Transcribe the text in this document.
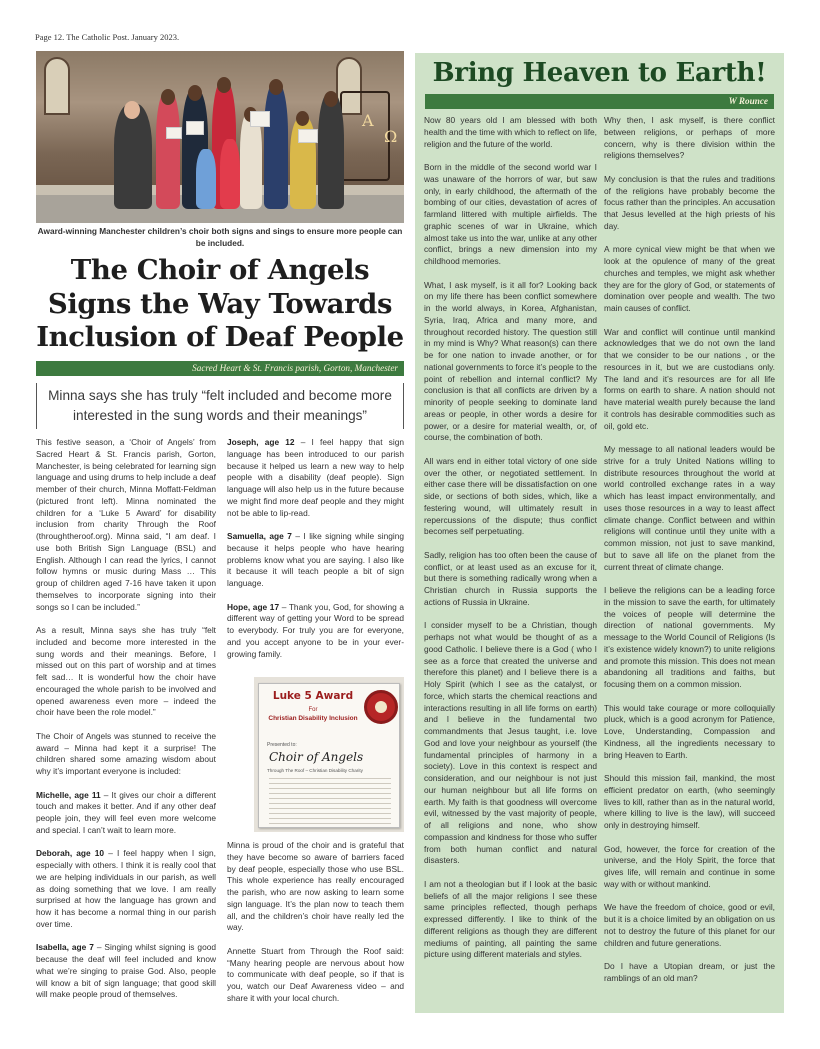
Page 12. The Catholic Post. January 2023.
A
Ω
Award-winning Manchester children’s choir both signs and sings to ensure more people can be included.
The Choir of Angels Signs the Way Towards Inclusion of Deaf People
Sacred Heart & St. Francis parish, Gorton, Manchester
Minna says she has truly “felt included and become more interested in the sung words and their meanings”

This festive season, a ‘Choir of Angels’ from Sacred Heart & St. Francis parish, Gorton, Manchester, is being celebrated for learning sign language and using drums to help include a deaf member of their church, Minna Moffatt-Feldman (pictured front left). Minna nominated the children for a ‘Luke 5 Award’ for disability inclusion from charity Through the Roof (throughtheroof.org). Minna said, “I am deaf. I use both British Sign Language (BSL) and English. Although I can read the lyrics, I cannot follow hymns or music during Mass … This group of children aged 7-16 have taken it upon themselves to incorporate signing into their songs so I can be included.”

As a result, Minna says she has truly “felt included and become more interested in the sung words and their meanings. Before, I missed out on this part of worship and at times felt sad… It is wonderful how the choir have encouraged the whole parish to be involved and opened awareness even more – indeed the choir have been the role model.”

The Choir of Angels was stunned to receive the award – Minna had kept it a surprise! The children shared some amazing wisdom about why it’s important everyone is included:

Michelle, age 11 – It gives our choir a different touch and makes it better. And if any other deaf people join, they will feel even more welcome and special. I can’t wait to learn more.

Deborah, age 10 – I feel happy when I sign, especially with others. I think it is really cool that we are helping individuals in our parish, as well as doing something that we love. I am really surprised at how the language has grown and how it has become a normal thing in our parish over time.

Isabella, age 7 – Singing whilst signing is good because the deaf will feel included and know what we’re singing to praise God. Also, people will know a bit of sign language; that good skill will make people proud of themselves.

Joseph, age 12 – I feel happy that sign language has been introduced to our parish because it helped us learn a new way to help people with a disability (deaf people). Sign language will also help us in the future because we might find more deaf people and they might not be able to lip-read.

Samuella, age 7 – I like signing while singing because it helps people who have hearing problems know what you are saying. I also like it because it will teach people a bit of sign language.

Hope, age 17 – Thank you, God, for showing a different way of getting your Word to be spread to everybody. For truly you are for everyone, and you accept anyone to be in your ever-growing family.

Luke 5 Award
For
Christian Disability Inclusion
Presented to:
Choir of Angels
Through The Roof – Christian Disability Charity

Minna is proud of the choir and is grateful that they have become so aware of barriers faced by deaf people, especially those who use BSL. This whole experience has really encouraged the parish, who are now asking to learn some sign language. It’s the plan now to teach them all, and the children’s choir have really led the way.

Annette Stuart from Through the Roof said: “Many hearing people are nervous about how to communicate with deaf people, so if that is you, watch our Deaf Awareness video – and share it with your local church.

Bring Heaven to Earth!
W Rounce

Now 80 years old I am blessed with both health and the time with which to reflect on life, religion and the future of the world.

Born in the middle of the second world war I was unaware of the horrors of war, but saw only, in early childhood, the aftermath of the bombing of our cities, devastation of acres of farmland littered with multiple airfields. The graphic scenes of war in Ukraine, which almost take us into the war, unlike at any other conflict, brings a new dimension into my childhood memories.

What, I ask myself, is it all for? Looking back on my life there has been conflict somewhere in the world always, in Korea, Afghanistan, Syria, Iraq, Africa and many more, and throughout recorded history. The question still in my mind is Why? What reason(s) can there be for one nation to invade another, or for national governments to force it’s people to the point of rebellion and internal conflict? My conclusion is that all conflicts are driven by a minority of people seeking to dominate land areas or people, in other words a desire for power, or a desire for material wealth, or, of course, the combination of both.

All wars end in either total victory of one side over the other, or negotiated settlement. In either case there will be dissatisfaction on one side, or sections of both sides, which, like a festering wound, will ultimately result in repercussions of the dispute; thus conflict becomes self perpetuating.

Sadly, religion has too often been the cause of conflict, or at least used as an excuse for it, but there is something radically wrong when a Christian church in Russia supports the actions of Russia in Ukraine.

I consider myself to be a Christian, though perhaps not what would be thought of as a good Catholic. I believe there is a God ( who I see as a force that created the universe and therefore this planet) and I believe there is a Holy Spirit (which I see as the catalyst, or force, which starts the chemical reactions and interactions resulting in all life forms on earth) and I believe in the fundamental two commandments that Jesus taught, i.e. love God and love your neighbour as yourself (the fundamental principles of harmony in a society). Love in this context is respect and consideration, and our neighbour is not just our human neighbour but all life forms on earth. My faith is that goodness will overcome evil, witnessed by the vast majority of people, of all religions and none, who show compassion and kindness for those who suffer from both human conflict and natural disasters.

I am not a theologian but if I look at the basic beliefs of all the major religions I see these same principles reflected, though perhaps expressed differently. I like to think of the different religions as though they are different mediums of painting, all painting the same picture using different materials and styles.

Why then, I ask myself, is there conflict between religions, or perhaps of more concern, why is there division within the religions themselves?

My conclusion is that the rules and traditions of the religions have probably become the focus rather than the principles. An accusation that Jesus levelled at the high priests of his day.

A more cynical view might be that when we look at the opulence of many of the great churches and temples, we might ask whether they are for the glory of God, or statements of domination over people and wealth. The two main causes of conflict.

War and conflict will continue until mankind acknowledges that we do not own the land that we consider to be our nations , or the resources in it, but we are custodians only. The land and it’s resources are for all life forms on earth to share. A nation should not have material wealth purely because the land it controls has desirable commodities such as oil, gold etc.

My message to all national leaders would be strive for a truly United Nations willing to distribute resources throughout the world at world controlled exchange rates in a way which has least impact environmentally, and uses those resources in a way to least affect climate change. Conflict between and within religions will continue until they unite with a common mission, not just to save mankind, but to save all life on the planet from the current threat of climate change.

I believe the religions can be a leading force in the mission to save the earth, for ultimately the voices of people will determine the direction of national governments. My message to the World Council of Religions (Is it’s existence widely known?) to unite religions and promote this mission. This does not mean abandoning all traditions and faiths, but focusing them on a common mission.

This would take courage or more colloquially pluck, which is a good acronym for Patience, Love, Understanding, Compassion and Kindness, all the ingredients necessary to bring Heaven to Earth.

Should this mission fail, mankind, the most efficient predator on earth, (who seemingly lives to kill, rather than as in the natural world, where killing to live is the law), will succeed only in destroying himself.

God, however, the force for creation of the universe, and the Holy Spirit, the force that gives life, will remain and continue in some way with or without mankind.

We have the freedom of choice, good or evil, but it is a choice limited by an obligation on us not to destroy the future of this planet for our children and future generations.

Do I have a Utopian dream, or just the ramblings of an old man?
